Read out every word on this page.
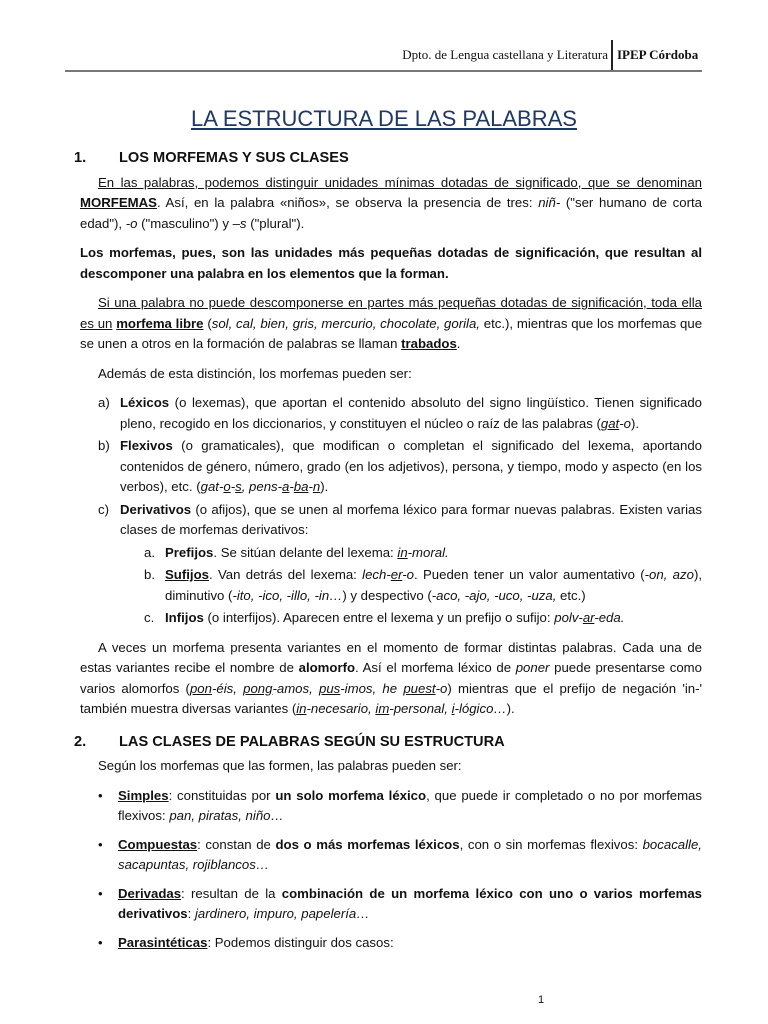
Dpto. de Lengua castellana y Literatura IPEP Córdoba
LA ESTRUCTURA DE LAS PALABRAS
1. LOS MORFEMAS Y SUS CLASES

En las palabras, podemos distinguir unidades mínimas dotadas de significado, que se denominan MORFEMAS. Así, en la palabra «niños», se observa la presencia de tres: niñ- ("ser humano de corta edad"), -o ("masculino") y –s ("plural").

Los morfemas, pues, son las unidades más pequeñas dotadas de significación, que resultan al descomponer una palabra en los elementos que la forman.

Si una palabra no puede descomponerse en partes más pequeñas dotadas de significación, toda ella es un morfema libre (sol, cal, bien, gris, mercurio, chocolate, gorila, etc.), mientras que los morfemas que se unen a otros en la formación de palabras se llaman trabados.

Además de esta distinción, los morfemas pueden ser:

a) Léxicos (o lexemas), que aportan el contenido absoluto del signo lingüístico. Tienen significado pleno, recogido en los diccionarios, y constituyen el núcleo o raíz de las palabras (gat-o).
b) Flexivos (o gramaticales), que modifican o completan el significado del lexema, aportando contenidos de género, número, grado (en los adjetivos), persona, y tiempo, modo y aspecto (en los verbos), etc. (gat-o-s, pens-a-ba-n).
c) Derivativos (o afijos), que se unen al morfema léxico para formar nuevas palabras. Existen varias clases de morfemas derivativos:
a. Prefijos. Se sitúan delante del lexema: in-moral.
b. Sufijos. Van detrás del lexema: lech-er-o. Pueden tener un valor aumentativo (-on, azo), diminutivo (-ito, -ico, -illo, -in…) y despectivo (-aco, -ajo, -uco, -uza, etc.)
c. Infijos (o interfijos). Aparecen entre el lexema y un prefijo o sufijo: polv-ar-eda.

A veces un morfema presenta variantes en el momento de formar distintas palabras. Cada una de estas variantes recibe el nombre de alomorfo. Así el morfema léxico de poner puede presentarse como varios alomorfos (pon-éis, pong-amos, pus-imos, he puest-o) mientras que el prefijo de negación 'in-' también muestra diversas variantes (in-necesario, im-personal, i-lógico…).

2. LAS CLASES DE PALABRAS SEGÚN SU ESTRUCTURA

Según los morfemas que las formen, las palabras pueden ser:

• Simples: constituidas por un solo morfema léxico, que puede ir completado o no por morfemas flexivos: pan, piratas, niño…
• Compuestas: constan de dos o más morfemas léxicos, con o sin morfemas flexivos: bocacalle, sacapuntas, rojiblancos…
• Derivadas: resultan de la combinación de un morfema léxico con uno o varios morfemas derivativos: jardinero, impuro, papelería…
• Parasintéticas: Podemos distinguir dos casos:
1
